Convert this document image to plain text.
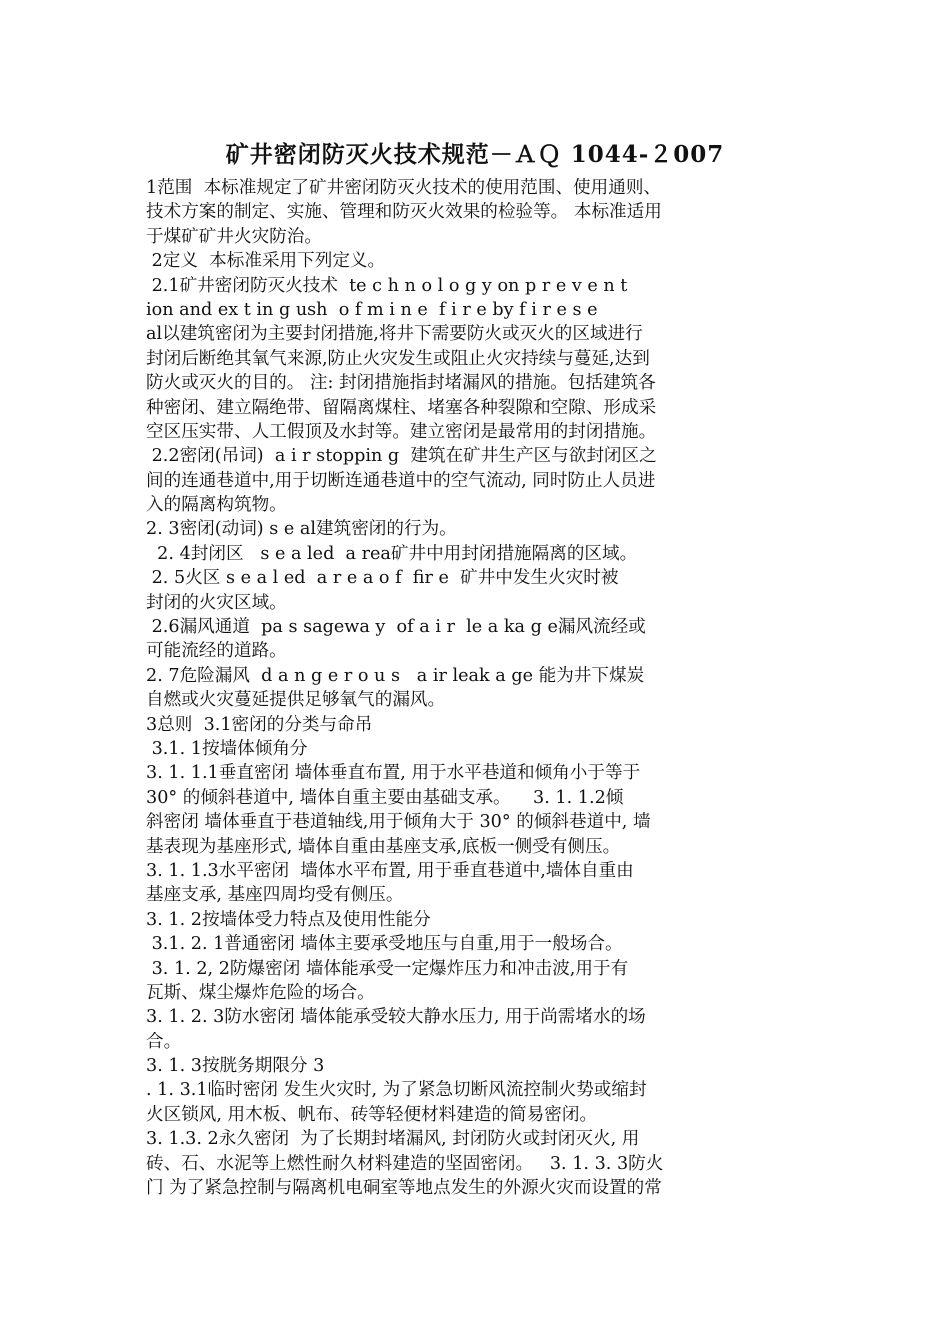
矿井密闭防灭火技术规范－ＡＱ 1044-２007
1范围  本标准规定了矿井密闭防灭火技术的使用范围、使用通则、
技术方案的制定、实施、管理和防灭火效果的检验等。 本标准适用
于煤矿矿井火灾防治。
2定义  本标准采用下列定义。
2.1矿井密闭防灭火技术  te c h n o l o g y on p r e v e n t
ion and ex t in g ush  o f m i n e  f i r e by f i r e s e
al以建筑密闭为主要封闭措施,将井下需要防火或灭火的区域进行
封闭后断绝其氧气来源,防止火灾发生或阻止火灾持续与蔓延,达到
防火或灭火的目的。 注: 封闭措施指封堵漏风的措施。包括建筑各
种密闭、建立隔绝带、留隔离煤柱、堵塞各种裂隙和空隙、形成采
空区压实带、人工假顶及水封等。建立密闭是最常用的封闭措施。
2.2密闭(吊词)  a i r stoppin g  建筑在矿井生产区与欲封闭区之
间的连通巷道中,用于切断连通巷道中的空气流动, 同时防止人员进
入的隔离构筑物。
2. 3密闭(动词) s e al建筑密闭的行为。
2. 4封闭区   s e a led  a rea矿井中用封闭措施隔离的区域。
2. 5火区 s e a l ed  a r e a o f  fir e  矿井中发生火灾时被
封闭的火灾区域。
2.6漏风通道  pa s sagewa y  of a i r  le a ka g e漏风流经或
可能流经的道路。
2. 7危险漏风  d a n g e r o u s   a ir leak a ge 能为井下煤炭
自燃或火灾蔓延提供足够氧气的漏风。
3总则  3.1密闭的分类与命吊
3.1. 1按墙体倾角分
3. 1. 1.1垂直密闭 墙体垂直布置, 用于水平巷道和倾角小于等于
30° 的倾斜巷道中, 墙体自重主要由基础支承。    3. 1. 1.2倾
斜密闭 墙体垂直于巷道轴线,用于倾角大于 30° 的倾斜巷道中, 墙
基表现为基座形式, 墙体自重由基座支承,底板一侧受有侧压。
3. 1. 1.3水平密闭  墙体水平布置, 用于垂直巷道中,墙体自重由
基座支承, 基座四周均受有侧压。
3. 1. 2按墙体受力特点及使用性能分
3.1. 2. 1普通密闭 墙体主要承受地压与自重,用于一般场合。
3. 1. 2, 2防爆密闭 墙体能承受一定爆炸压力和冲击波,用于有
瓦斯、煤尘爆炸危险的场合。
3. 1. 2. 3防水密闭 墙体能承受较大静水压力, 用于尚需堵水的场
合。
3. 1. 3按胱务期限分 3
. 1. 3.1临时密闭 发生火灾时, 为了紧急切断风流控制火势或缩封
火区锁风, 用木板、帆布、砖等轻便材料建造的简易密闭。
3. 1.3. 2永久密闭  为了长期封堵漏风, 封闭防火或封闭灭火, 用
砖、石、水泥等上燃性耐久材料建造的坚固密闭。   3. 1. 3. 3防火
门 为了紧急控制与隔离机电硐室等地点发生的外源火灾而设置的常
